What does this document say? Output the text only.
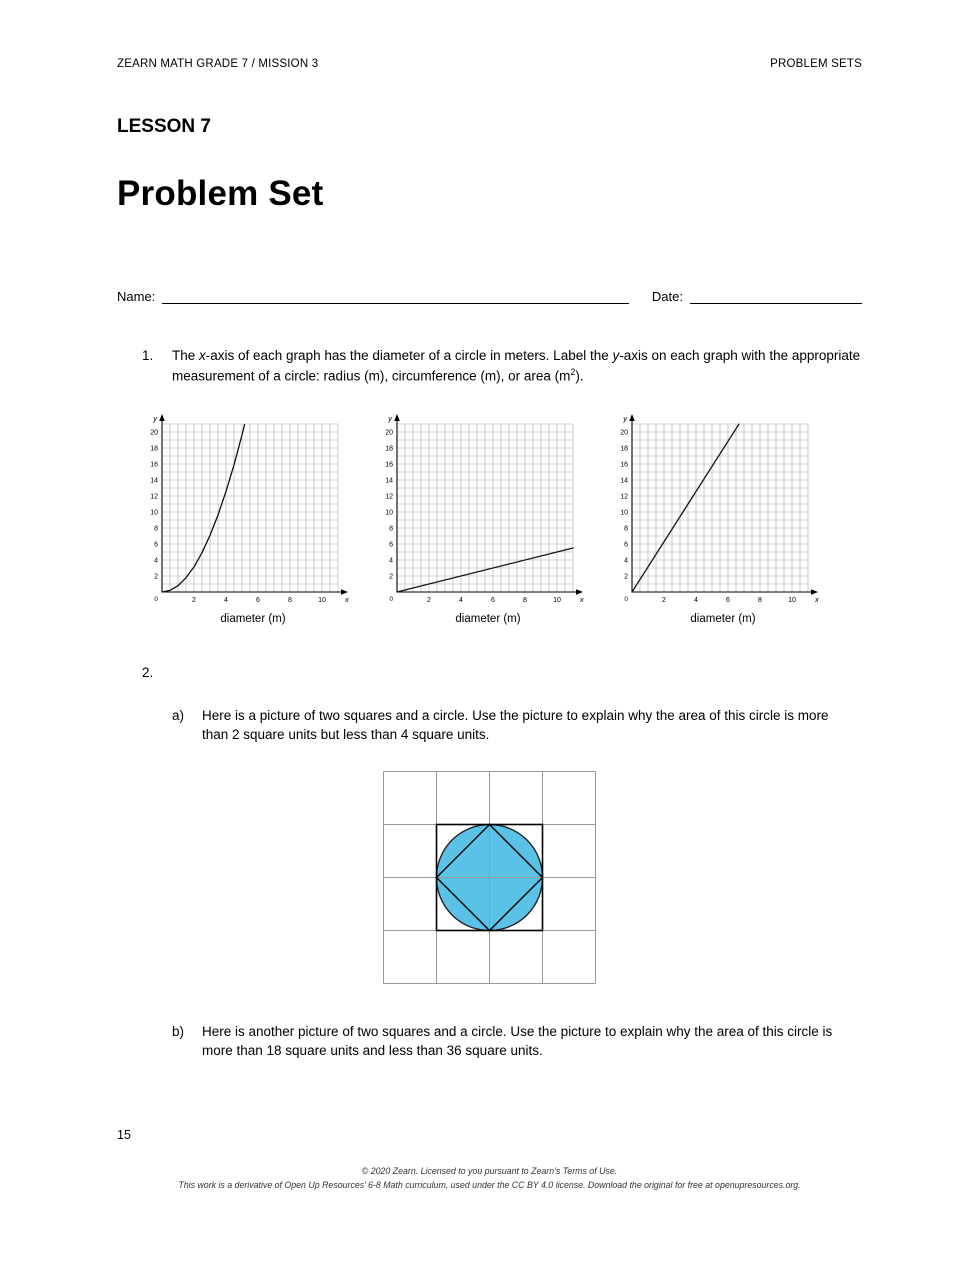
ZEARN MATH GRADE 7 / MISSION 3	PROBLEM SETS
LESSON 7
Problem Set
Name:	Date:
1.	The x-axis of each graph has the diameter of a circle in meters. Label the y-axis on each graph with the appropriate measurement of a circle: radius (m), circumference (m), or area $(m^2)$.
2
4
6
8
10
12
14
16
18
20
2	4	6	8	10
y
x
0
diameter (m)
2
4
6
8
10
12
14
16
18
20
2	4	6	8	10
y
x
0
diameter (m)
2
4
6
8
10
12
14
16
18
20
2	4	6	8	10
y
x
0
diameter (m)
2.
a)	Here is a picture of two squares and a circle. Use the picture to explain why the area of this circle is more than 2 square units but less than 4 square units.
b)	Here is another picture of two squares and a circle. Use the picture to explain why the area of this circle is more than 18 square units and less than 36 square units.
15
© 2020 Zearn. Licensed to you pursuant to Zearn’s Terms of Use.
This work is a derivative of Open Up Resources’ 6-8 Math curriculum, used under the CC BY 4.0 license. Download the original for free at openupresources.org.
